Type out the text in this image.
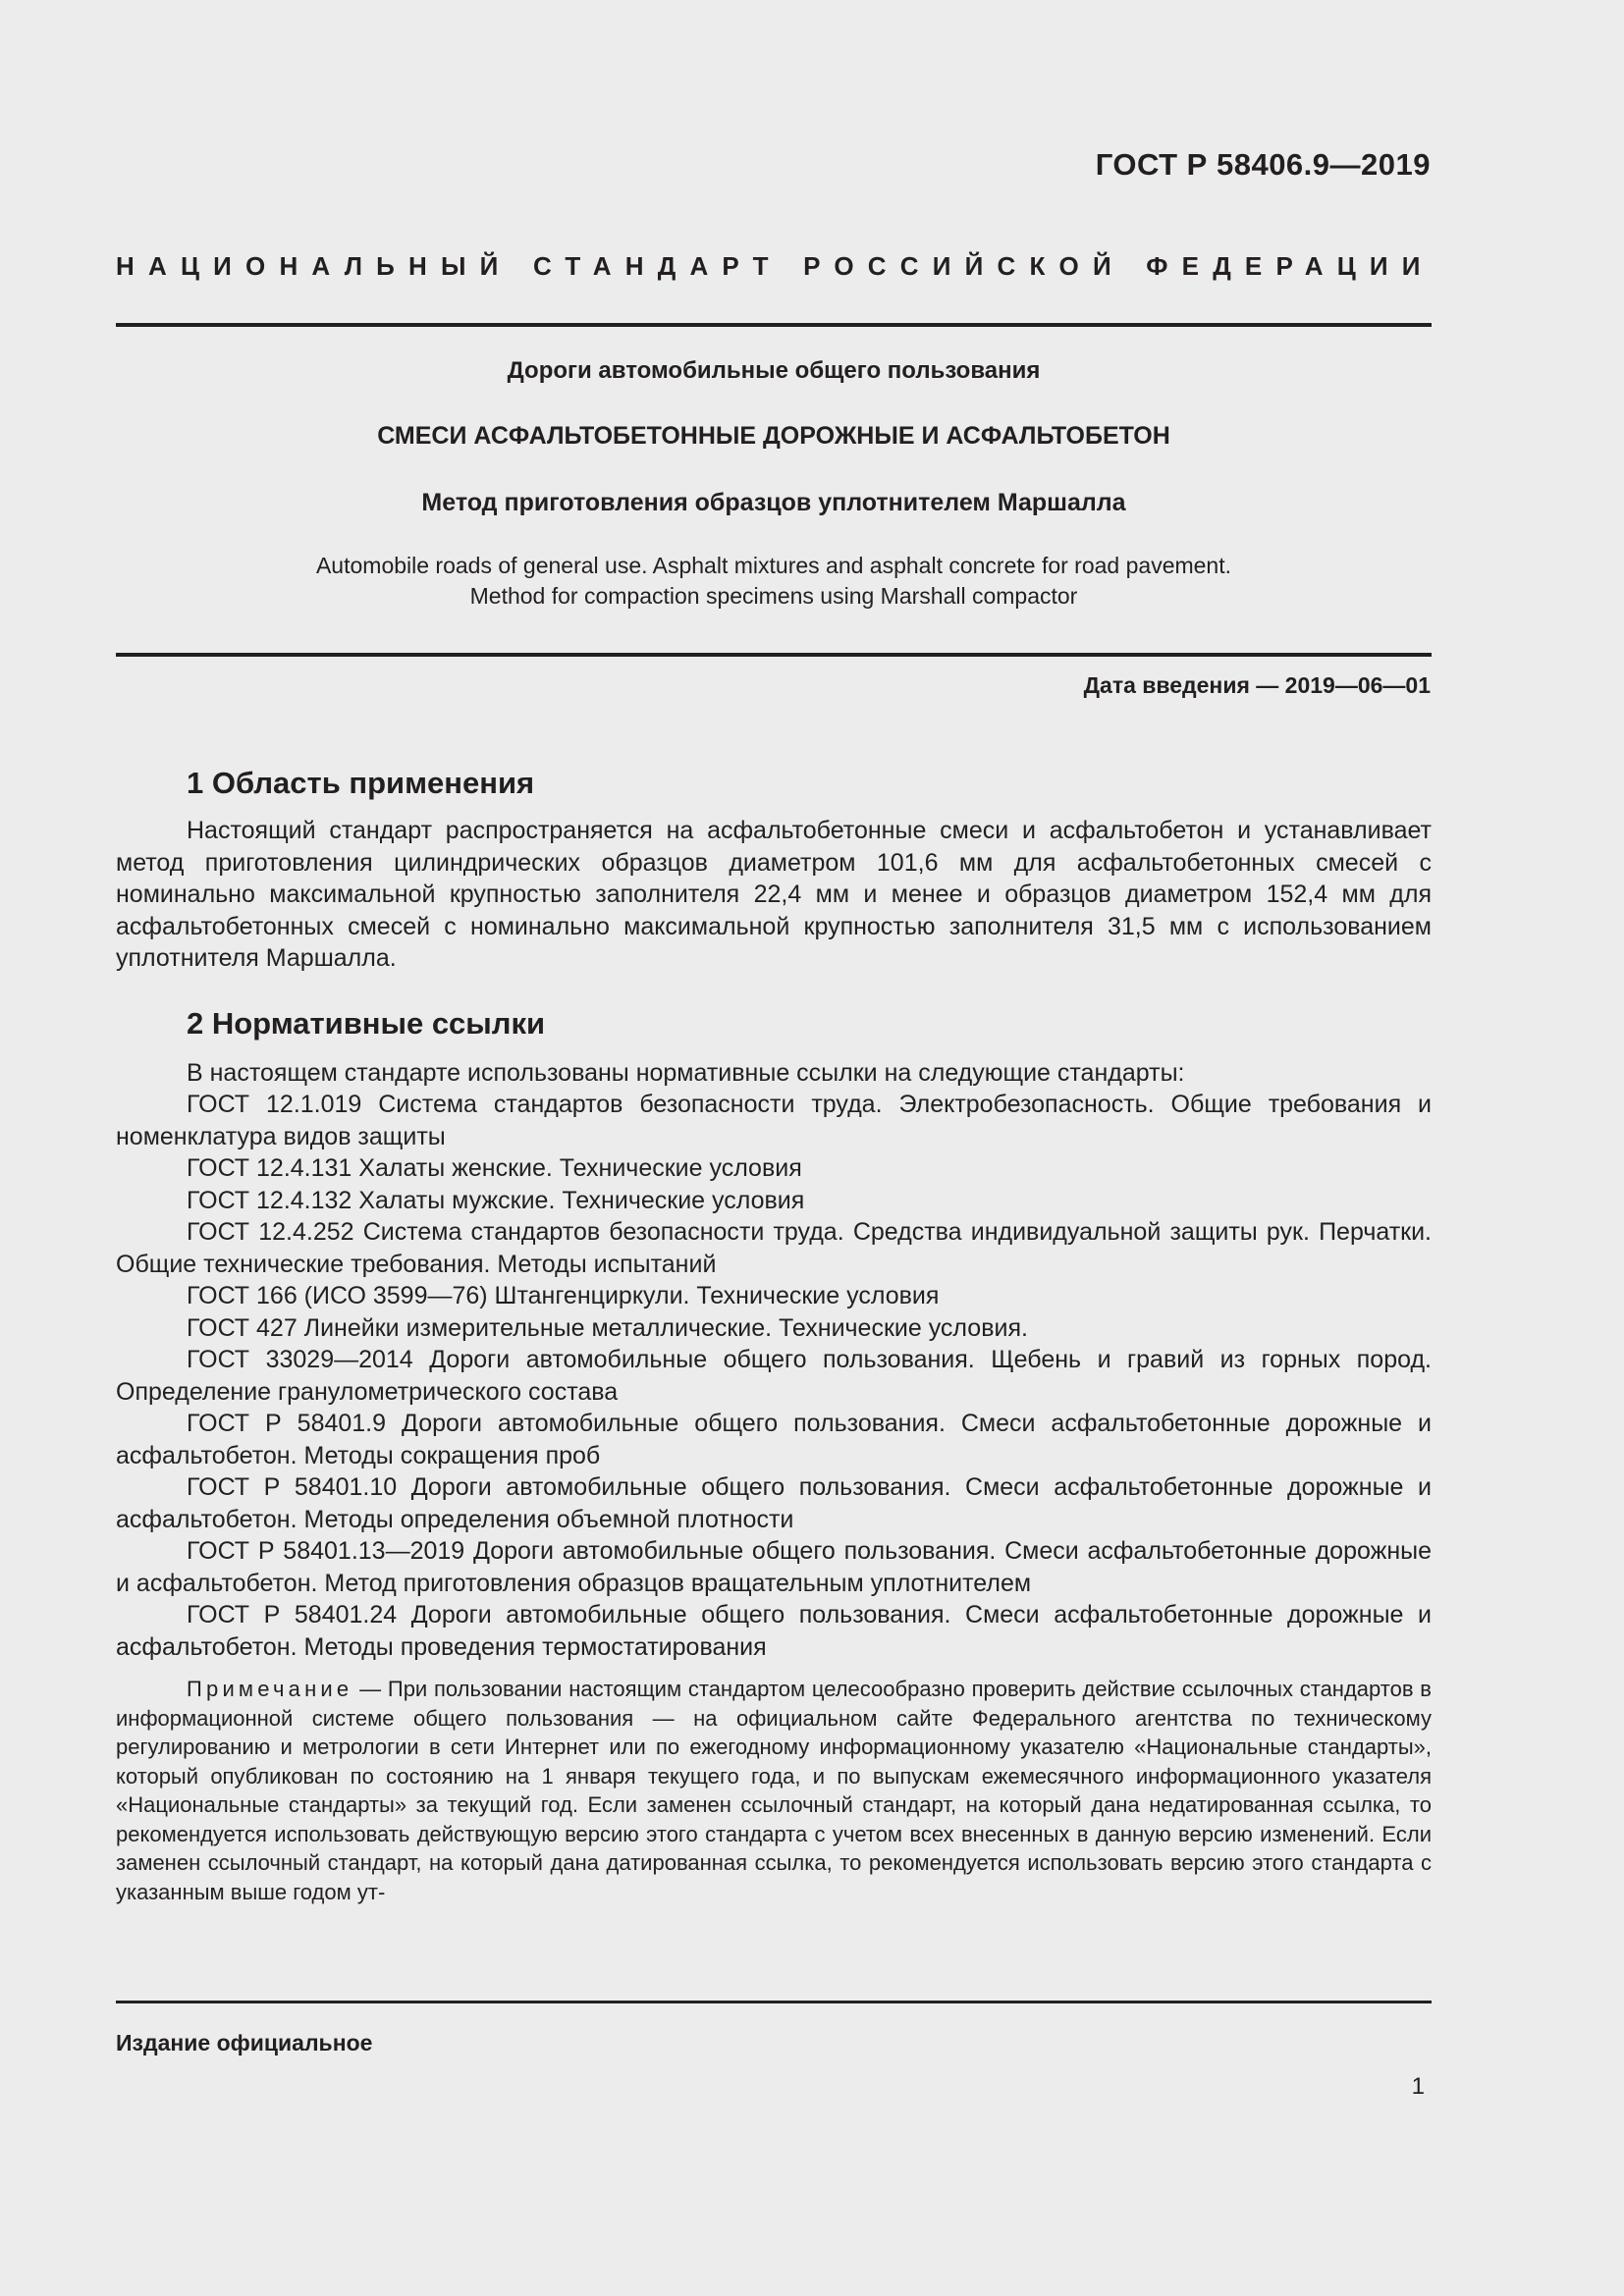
ГОСТ Р 58406.9—2019
НАЦИОНАЛЬНЫЙ СТАНДАРТ РОССИЙСКОЙ ФЕДЕРАЦИИ
Дороги автомобильные общего пользования
СМЕСИ АСФАЛЬТОБЕТОННЫЕ ДОРОЖНЫЕ И АСФАЛЬТОБЕТОН
Метод приготовления образцов уплотнителем Маршалла
Automobile roads of general use. Asphalt mixtures and asphalt concrete for road pavement.
Method for compaction specimens using Marshall compactor
Дата введения — 2019—06—01
1 Область применения

Настоящий стандарт распространяется на асфальтобетонные смеси и асфальтобетон и устанавливает метод приготовления цилиндрических образцов диаметром 101,6 мм для асфальтобетонных смесей с номинально максимальной крупностью заполнителя 22,4 мм и менее и образцов диаметром 152,4 мм для асфальтобетонных смесей с номинально максимальной крупностью заполнителя 31,5 мм с использованием уплотнителя Маршалла.

2 Нормативные ссылки

В настоящем стандарте использованы нормативные ссылки на следующие стандарты:

ГОСТ 12.1.019 Система стандартов безопасности труда. Электробезопасность. Общие требования и номенклатура видов защиты

ГОСТ 12.4.131 Халаты женские. Технические условия

ГОСТ 12.4.132 Халаты мужские. Технические условия

ГОСТ 12.4.252 Система стандартов безопасности труда. Средства индивидуальной защиты рук. Перчатки. Общие технические требования. Методы испытаний

ГОСТ 166 (ИСО 3599—76) Штангенциркули. Технические условия

ГОСТ 427 Линейки измерительные металлические. Технические условия.

ГОСТ 33029—2014 Дороги автомобильные общего пользования. Щебень и гравий из горных пород. Определение гранулометрического состава

ГОСТ Р 58401.9 Дороги автомобильные общего пользования. Смеси асфальтобетонные дорожные и асфальтобетон. Методы сокращения проб

ГОСТ Р 58401.10 Дороги автомобильные общего пользования. Смеси асфальтобетонные дорожные и асфальтобетон. Методы определения объемной плотности

ГОСТ Р 58401.13—2019 Дороги автомобильные общего пользования. Смеси асфальтобетонные дорожные и асфальтобетон. Метод приготовления образцов вращательным уплотнителем

ГОСТ Р 58401.24 Дороги автомобильные общего пользования. Смеси асфальтобетонные дорожные и асфальтобетон. Методы проведения термостатирования

Примечание — При пользовании настоящим стандартом целесообразно проверить действие ссылочных стандартов в информационной системе общего пользования — на официальном сайте Федерального агентства по техническому регулированию и метрологии в сети Интернет или по ежегодному информационному указателю «Национальные стандарты», который опубликован по состоянию на 1 января текущего года, и по выпускам ежемесячного информационного указателя «Национальные стандарты» за текущий год. Если заменен ссылочный стандарт, на который дана недатированная ссылка, то рекомендуется использовать действующую версию этого стандарта с учетом всех внесенных в данную версию изменений. Если заменен ссылочный стандарт, на который дана датированная ссылка, то рекомендуется использовать версию этого стандарта с указанным выше годом ут-

Издание официальное
1
